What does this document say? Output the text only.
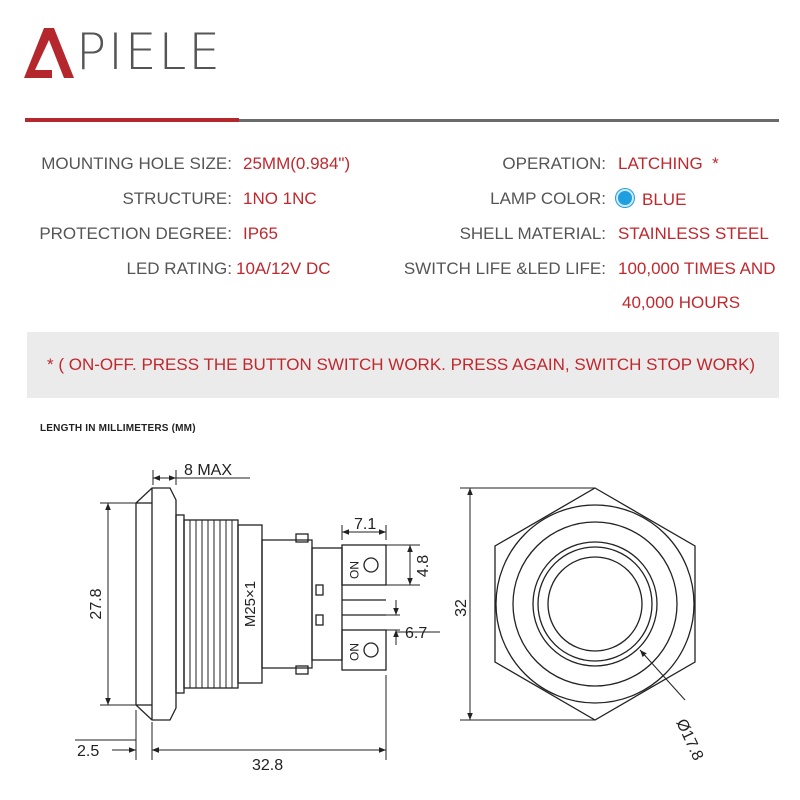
PIELE
MOUNTING HOLE SIZE: 25MM(0.984")
STRUCTURE: 1NO 1NC
PROTECTION DEGREE: IP65
LED RATING: 10A/12V DC
OPERATION: LATCHING  *
LAMP COLOR:	BLUE
SHELL MATERIAL: STAINLESS STEEL
SWITCH LIFE &LED LIFE: 100,000 TIMES AND
40,000 HOURS
* ( ON-OFF. PRESS THE BUTTON SWITCH WORK. PRESS AGAIN, SWITCH STOP WORK)
LENGTH IN MILLIMETERS (MM)
NO
NO
8 MAX
7.1
4.8
6.7
27.8	M25×1
2.5
32.8
32
Ø17.8
